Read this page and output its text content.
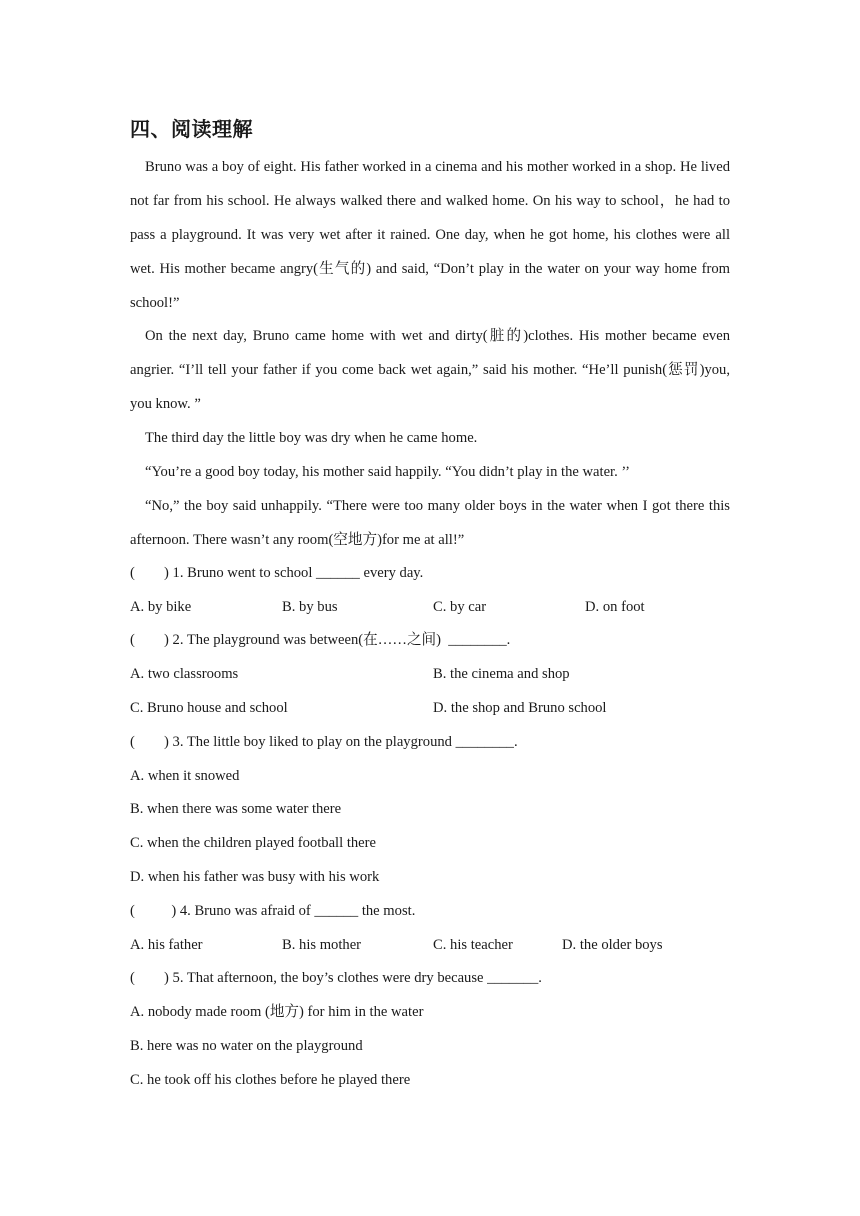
四、阅读理解
Bruno was a boy of eight. His father worked in a cinema and his mother worked in a shop. He lived not far from his school. He always walked there and walked home. On his way to school，he had to pass a playground. It was very wet after it rained. One day, when he got home, his clothes were all wet. His mother became angry(生气的) and said, “Don’t play in the water on your way home from school!”
On the next day, Bruno came home with wet and dirty(脏的)clothes. His mother became even angrier. “I’ll tell your father if you come back wet again,” said his mother. “He’ll punish(惩罚)you, you know. ”
The third day the little boy was dry when he came home.
“You’re a good boy today, his mother said happily. “You didn’t play in the water. ’’
“No,” the boy said unhappily. “There were too many older boys in the water when I got there this afternoon. There wasn’t any room(空地方)for me at all!”
(        ) 1. Bruno went to school ______ every day.
A. by bike	B. by bus	C. by car	D. on foot
(        ) 2. The playground was between(在……之间)  ________.
A. two classrooms	B. the cinema and shop
C. Bruno house and school	D. the shop and Bruno school
(        ) 3. The little boy liked to play on the playground ________.
A. when it snowed
B. when there was some water there
C. when the children played football there
D. when his father was busy with his work
(          ) 4. Bruno was afraid of ______ the most.
A. his father	B. his mother	C. his teacher	D. the older boys
(        ) 5. That afternoon, the boy’s clothes were dry because _______.
A. nobody made room (地方) for him in the water
B. here was no water on the playground
C. he took off his clothes before he played there
